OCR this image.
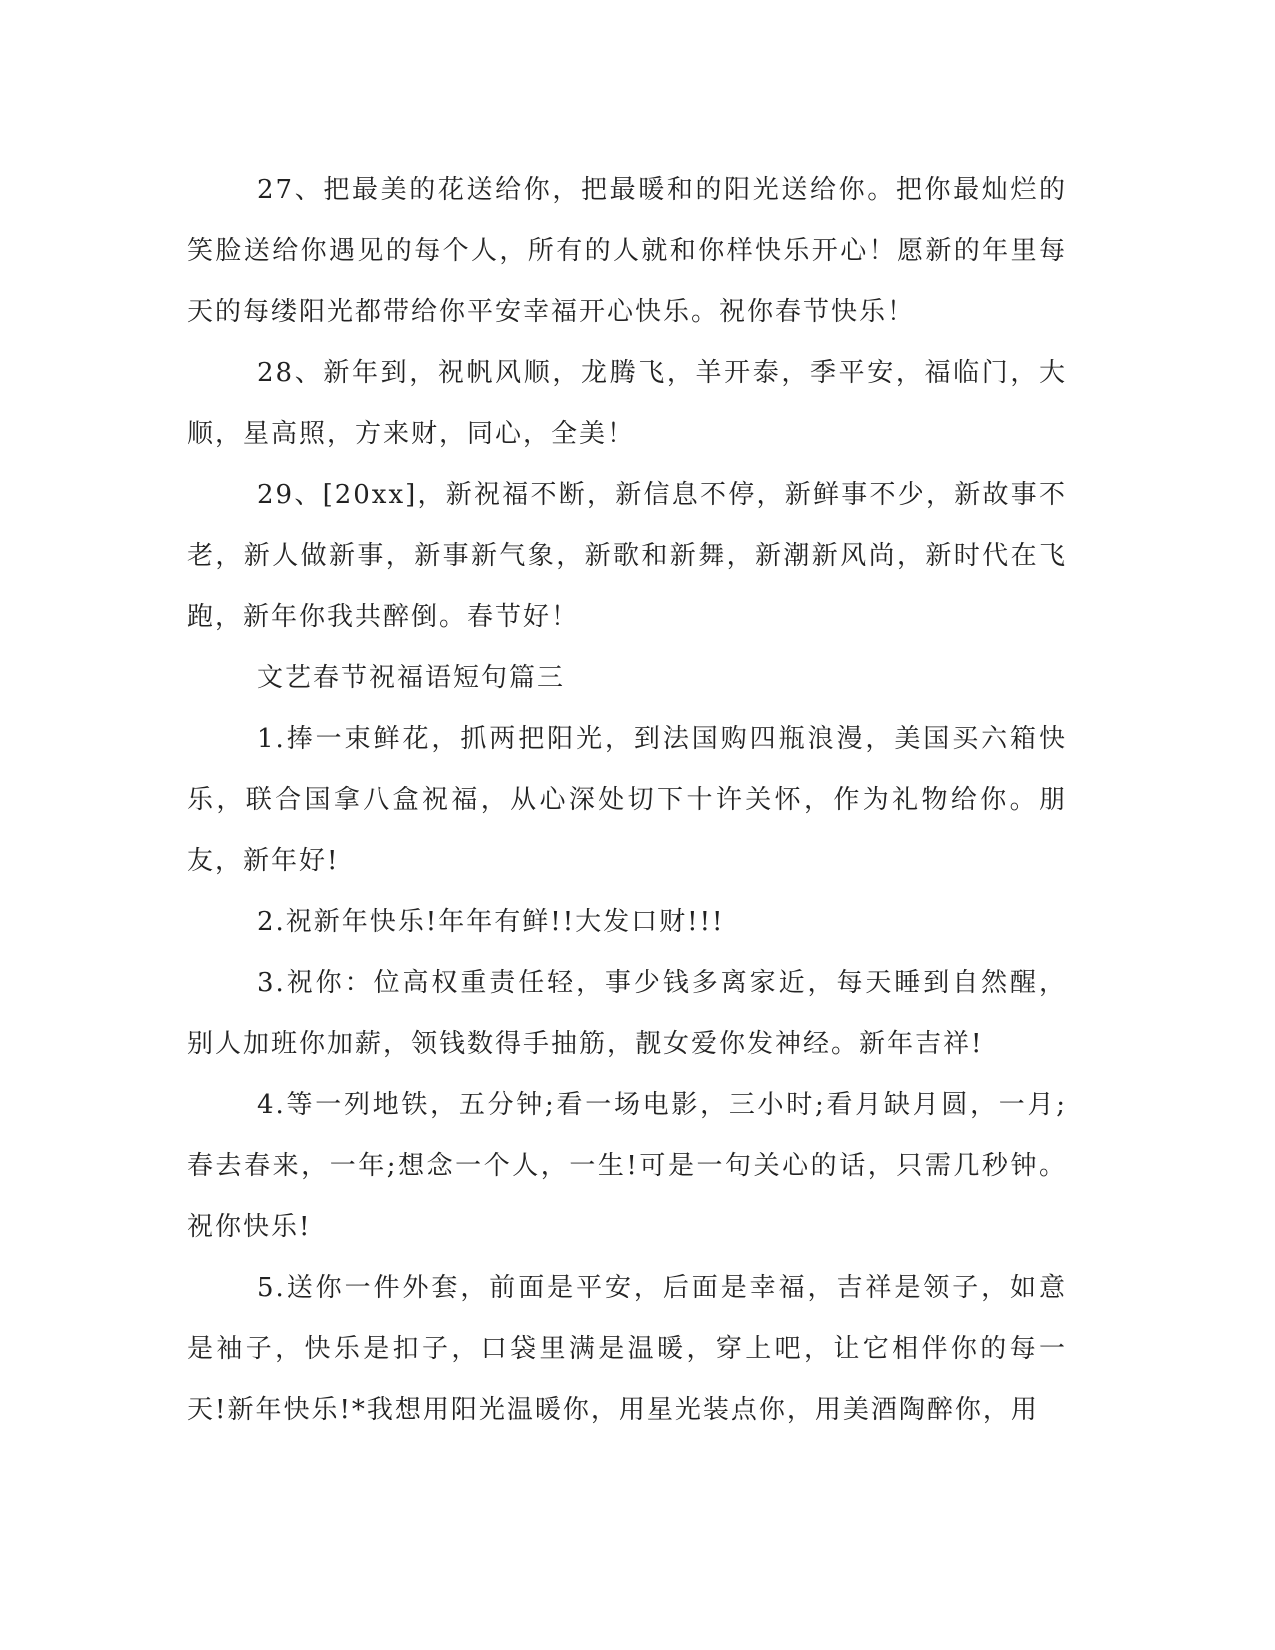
27、把最美的花送给你，把最暖和的阳光送给你。把你最灿烂的笑脸送给你遇见的每个人，所有的人就和你样快乐开心！愿新的年里每天的每缕阳光都带给你平安幸福开心快乐。祝你春节快乐！

28、新年到，祝帆风顺，龙腾飞，羊开泰，季平安，福临门，大顺，星高照，方来财，同心，全美！

29、[20xx]，新祝福不断，新信息不停，新鲜事不少，新故事不老，新人做新事，新事新气象，新歌和新舞，新潮新风尚，新时代在飞跑，新年你我共醉倒。春节好！

文艺春节祝福语短句篇三

1.捧一束鲜花，抓两把阳光，到法国购四瓶浪漫，美国买六箱快乐，联合国拿八盒祝福，从心深处切下十许关怀，作为礼物给你。朋友，新年好!

2.祝新年快乐!年年有鲜!!大发口财!!!

3.祝你：位高权重责任轻，事少钱多离家近，每天睡到自然醒，别人加班你加薪，领钱数得手抽筋，靓女爱你发神经。新年吉祥!

4.等一列地铁，五分钟;看一场电影，三小时;看月缺月圆，一月;春去春来，一年;想念一个人，一生!可是一句关心的话，只需几秒钟。祝你快乐!

5.送你一件外套，前面是平安，后面是幸福，吉祥是领子，如意是袖子，快乐是扣子，口袋里满是温暖，穿上吧，让它相伴你的每一天!新年快乐!*我想用阳光温暖你，用星光装点你，用美酒陶醉你，用
